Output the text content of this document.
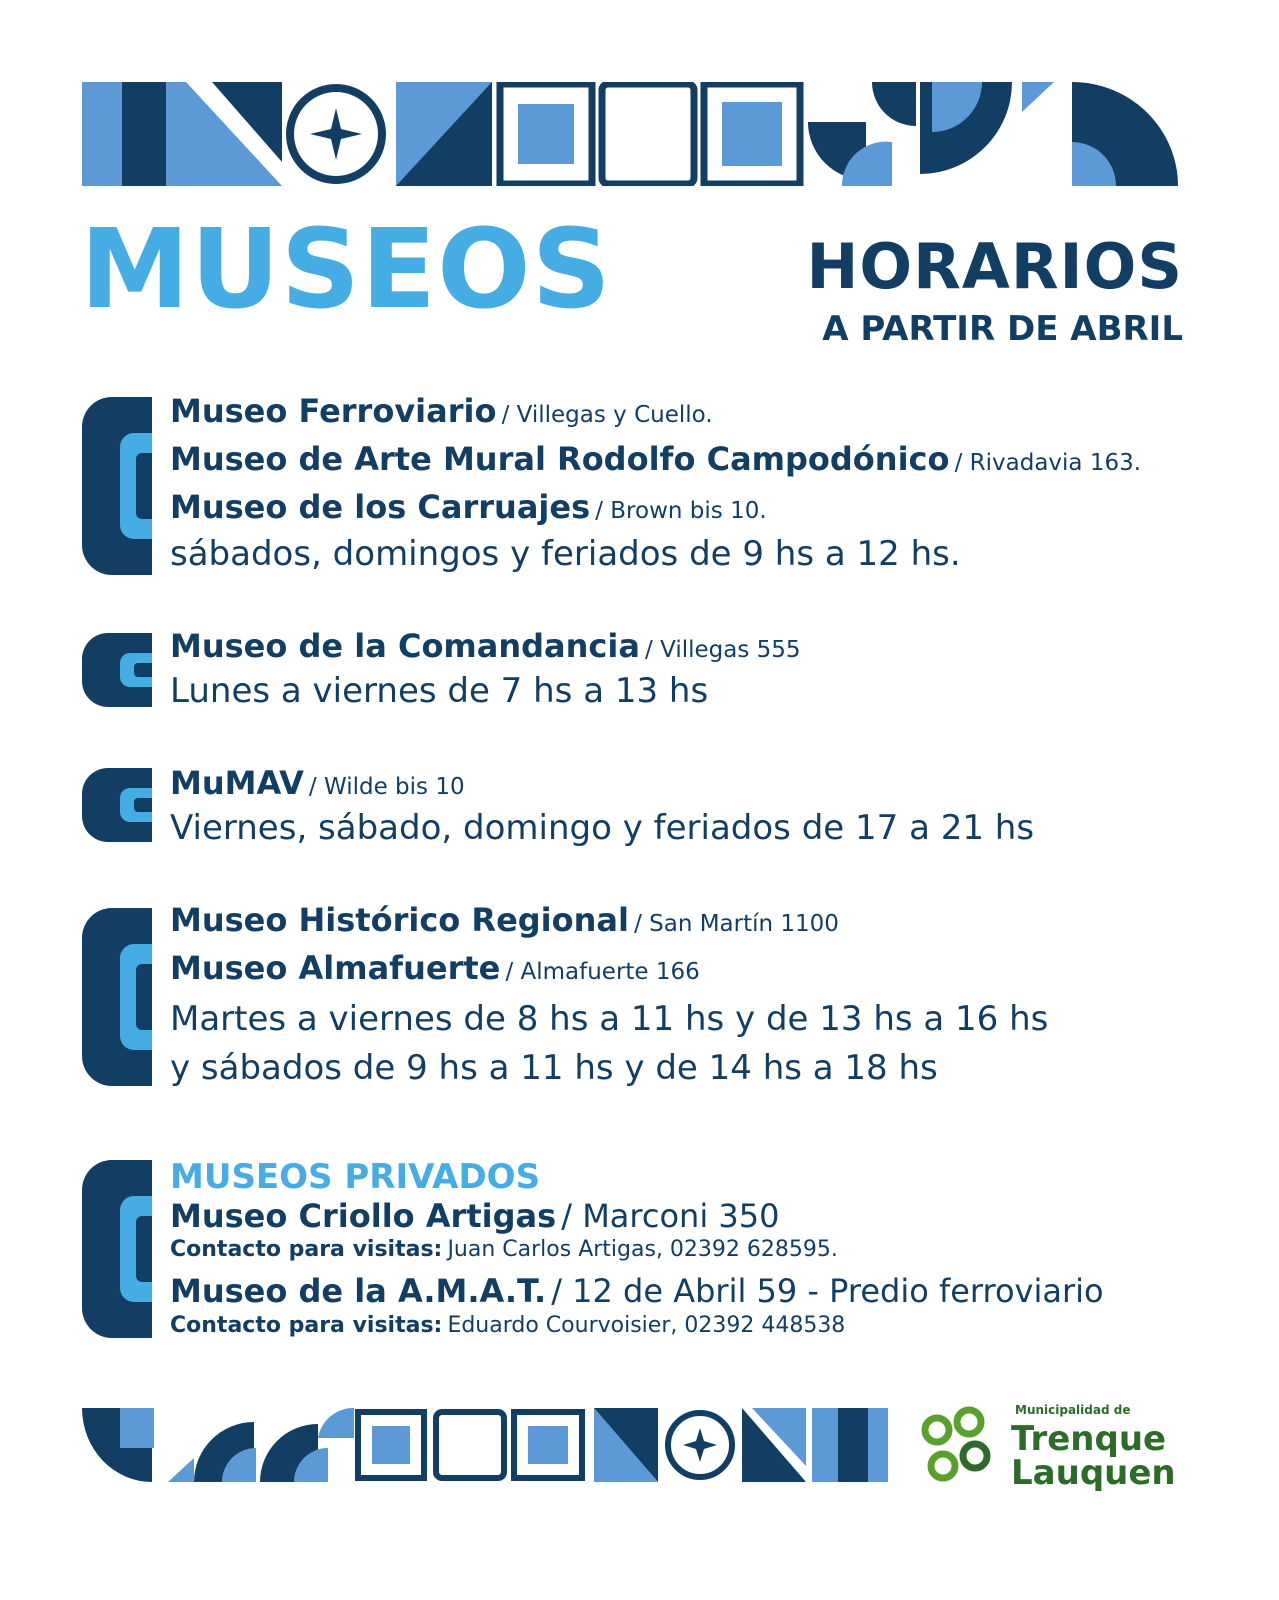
MUSEOS	HORARIOS
A PARTIR DE ABRIL
Museo Ferroviario / Villegas y Cuello.
Museo de Arte Mural Rodolfo Campodónico / Rivadavia 163.
Museo de los Carruajes / Brown bis 10.
sábados, domingos y feriados de 9 hs a 12 hs.
Museo de la Comandancia / Villegas 555
Lunes a viernes de 7 hs a 13 hs
MuMAV / Wilde bis 10
Viernes, sábado, domingo y feriados de 17 a 21 hs
Museo Histórico Regional / San Martín 1100
Museo Almafuerte / Almafuerte 166
Martes a viernes de 8 hs a 11 hs y de 13 hs a 16 hs
y sábados de 9 hs a 11 hs y de 14 hs a 18 hs
MUSEOS PRIVADOS
Museo Criollo Artigas / Marconi 350
Contacto para visitas: Juan Carlos Artigas, 02392 628595.
Museo de la A.M.A.T. / 12 de Abril 59 - Predio ferroviario
Contacto para visitas: Eduardo Courvoisier, 02392 448538
Municipalidad de
Trenque
Lauquen
